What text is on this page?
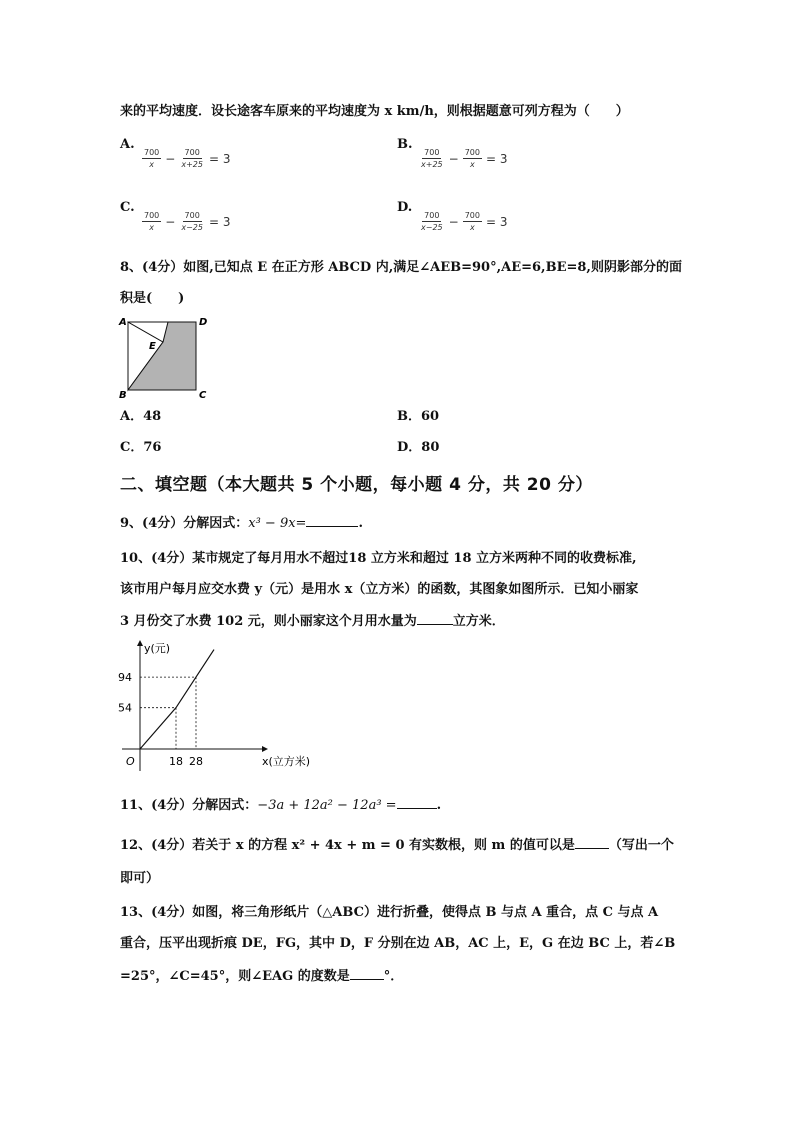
来的平均速度．设长途客车原来的平均速度为 x km/h，则根据题意可列方程为（　　）
A.
$\frac{700}{x} - \frac{700}{x+25} = 3$
B.
$\frac{700}{x+25} - \frac{700}{x} = 3$
C.
$\frac{700}{x} - \frac{700}{x-25} = 3$
D.
$\frac{700}{x-25} - \frac{700}{x} = 3$
8、(4分）如图,已知点 E 在正方形 ABCD 内,满足∠AEB=90°,AE=6,BE=8,则阴影部分的面
积是(　　)
A	D
E
B	C
A．48	B．60
C．76	D．80
二、填空题（本大题共 5 个小题，每小题 4 分，共 20 分）
9、(4分）分解因式：x³ − 9x=	.
10、(4分）某市规定了每月用水不超过18 立方米和超过 18 立方米两种不同的收费标准,
该市用户每月应交水费 y（元）是用水 x（立方米）的函数，其图象如图所示．已知小丽家
3 月份交了水费 102 元，则小丽家这个月用水量为	立方米．
x(立方米)
y(元)
O	18 28
54
94
11、(4分）分解因式：−3a + 12a² − 12a³ =	.
12、(4分）若关于 x 的方程 x² + 4x + m = 0 有实数根，则 m 的值可以是	（写出一个
即可）
13、(4分）如图，将三角形纸片（△ABC）进行折叠，使得点 B 与点 A 重合，点 C 与点 A
重合，压平出现折痕 DE，FG，其中 D，F 分别在边 AB，AC 上，E，G 在边 BC 上，若∠B
=25°，∠C=45°，则∠EAG 的度数是	°．
